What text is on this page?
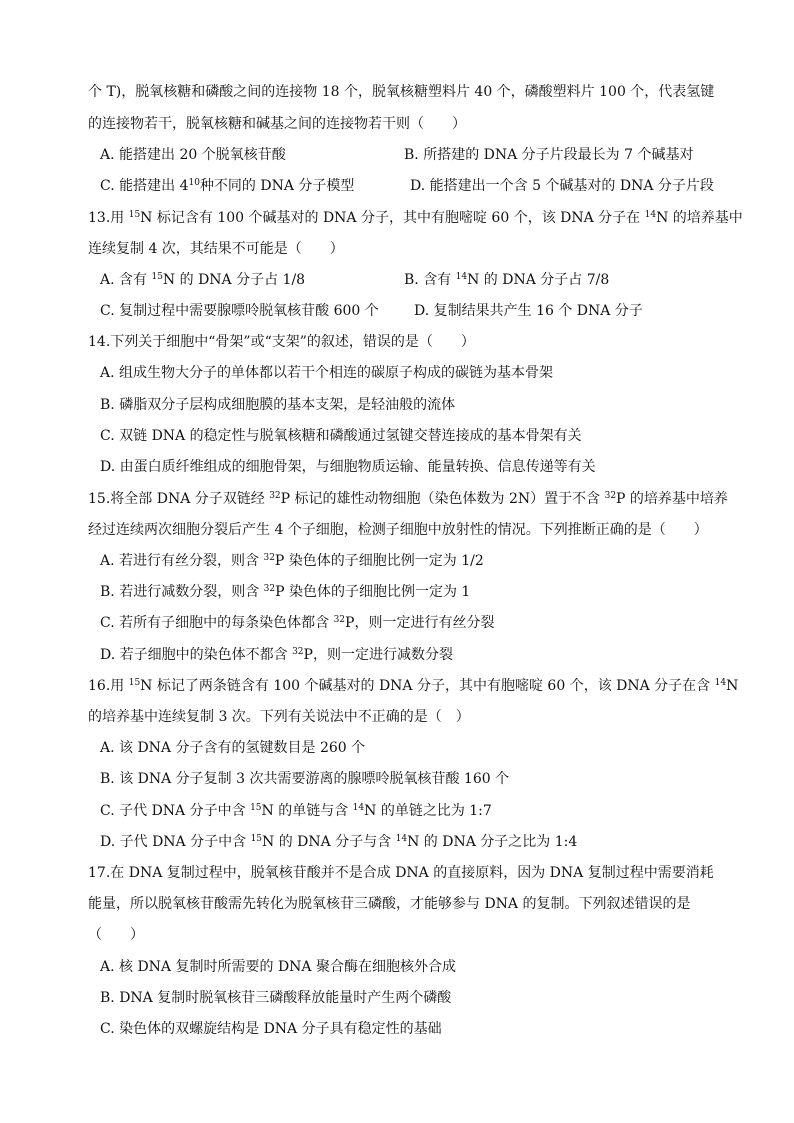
个 T)，脱氧核糖和磷酸之间的连接物 18 个，脱氧核糖塑料片 40 个，磷酸塑料片 100 个，代表氢键
的连接物若干，脱氧核糖和碱基之间的连接物若干则（　　）
A. 能搭建出 20 个脱氧核苷酸	B. 所搭建的 DNA 分子片段最长为 7 个碱基对
C. 能搭建出 $4^{10}$种不同的 DNA 分子模型	D. 能搭建出一个含 5 个碱基对的 DNA 分子片段
13.用 $^{15}$N 标记含有 100 个碱基对的 DNA 分子，其中有胞嘧啶 60 个，该 DNA 分子在 $^{14}$N 的培养基中
连续复制 4 次，其结果不可能是（　　）
A. 含有 $^{15}$N 的 DNA 分子占 1/8	B. 含有 $^{14}$N 的 DNA 分子占 7/8
C. 复制过程中需要腺嘌呤脱氧核苷酸 600 个	D. 复制结果共产生 16 个 DNA 分子
14.下列关于细胞中“骨架”或“支架”的叙述，错误的是（　　）
A. 组成生物大分子的单体都以若干个相连的碳原子构成的碳链为基本骨架
B. 磷脂双分子层构成细胞膜的基本支架，是轻油般的流体
C. 双链 DNA 的稳定性与脱氧核糖和磷酸通过氢键交替连接成的基本骨架有关
D. 由蛋白质纤维组成的细胞骨架，与细胞物质运输、能量转换、信息传递等有关
15.将全部 DNA 分子双链经 $^{32}$P 标记的雄性动物细胞（染色体数为 2N）置于不含 $^{32}$P 的培养基中培养
经过连续两次细胞分裂后产生 4 个子细胞，检测子细胞中放射性的情况。下列推断正确的是（　　）
A. 若进行有丝分裂，则含 $^{32}$P 染色体的子细胞比例一定为 1/2
B. 若进行减数分裂，则含 $^{32}$P 染色体的子细胞比例一定为 1
C. 若所有子细胞中的每条染色体都含 $^{32}$P，则一定进行有丝分裂
D. 若子细胞中的染色体不都含 $^{32}$P，则一定进行减数分裂
16.用 $^{15}$N 标记了两条链含有 100 个碱基对的 DNA 分子，其中有胞嘧啶 60 个，该 DNA 分子在含 $^{14}$N
的培养基中连续复制 3 次。下列有关说法中不正确的是（　）
A. 该 DNA 分子含有的氢键数目是 260 个
B. 该 DNA 分子复制 3 次共需要游离的腺嘌呤脱氧核苷酸 160 个
C. 子代 DNA 分子中含 $^{15}$N 的单链与含 $^{14}$N 的单链之比为 1:7
D. 子代 DNA 分子中含 $^{15}$N 的 DNA 分子与含 $^{14}$N 的 DNA 分子之比为 1:4
17.在 DNA 复制过程中，脱氧核苷酸并不是合成 DNA 的直接原料，因为 DNA 复制过程中需要消耗
能量，所以脱氧核苷酸需先转化为脱氧核苷三磷酸，才能够参与 DNA 的复制。下列叙述错误的是
（　　）
A. 核 DNA 复制时所需要的 DNA 聚合酶在细胞核外合成
B. DNA 复制时脱氧核苷三磷酸释放能量时产生两个磷酸
C. 染色体的双螺旋结构是 DNA 分子具有稳定性的基础
